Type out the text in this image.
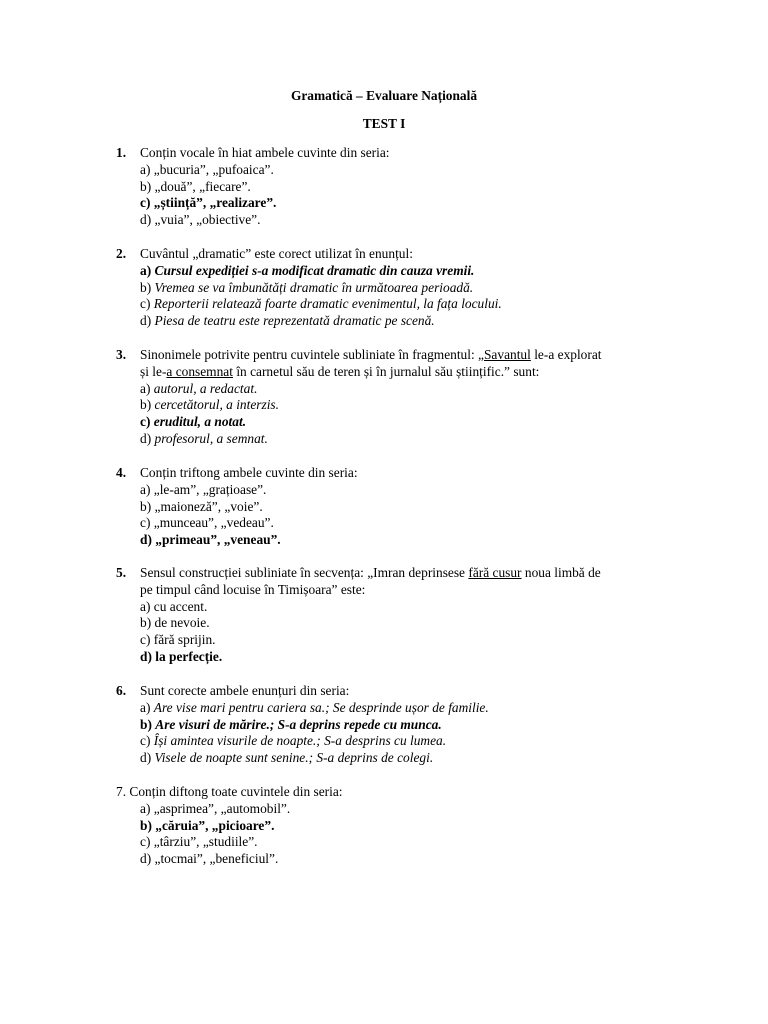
Gramatică – Evaluare Națională
TEST I
1. Conțin vocale în hiat ambele cuvinte din seria:
a) „bucuria”, „pufoaica”.
b) „două”, „fiecare”.
c) „știință”, „realizare”.
d) „vuia”, „obiective”.
2. Cuvântul „dramatic” este corect utilizat în enunțul:
a) Cursul expediției s-a modificat dramatic din cauza vremii.
b) Vremea se va îmbunătăți dramatic în următoarea perioadă.
c) Reporterii relatează foarte dramatic evenimentul, la fața locului.
d) Piesa de teatru este reprezentată dramatic pe scenă.
3. Sinonimele potrivite pentru cuvintele subliniate în fragmentul: „Savantul le-a explorat
și le-a consemnat în carnetul său de teren și în jurnalul său științific.” sunt:
a) autorul, a redactat.
b) cercetătorul, a interzis.
c) eruditul, a notat.
d) profesorul, a semnat.
4. Conțin triftong ambele cuvinte din seria:
a) „le-am”, „grațioase”.
b) „maioneză”, „voie”.
c) „munceau”, „vedeau”.
d) „primeau”, „veneau”.
5. Sensul construcției subliniate în secvența: „Imran deprinsese fără cusur noua limbă de
pe timpul când locuise în Timișoara” este:
a) cu accent.
b) de nevoie.
c) fără sprijin.
d) la perfecție.
6. Sunt corecte ambele enunțuri din seria:
a) Are vise mari pentru cariera sa.; Se desprinde ușor de familie.
b) Are visuri de mărire.; S-a deprins repede cu munca.
c) Își amintea visurile de noapte.; S-a desprins cu lumea.
d) Visele de noapte sunt senine.; S-a deprins de colegi.
7. Conțin diftong toate cuvintele din seria:
a) „asprimea”, „automobil”.
b) „căruia”, „picioare”.
c) „târziu”, „studiile”.
d) „tocmai”, „beneficiul”.
